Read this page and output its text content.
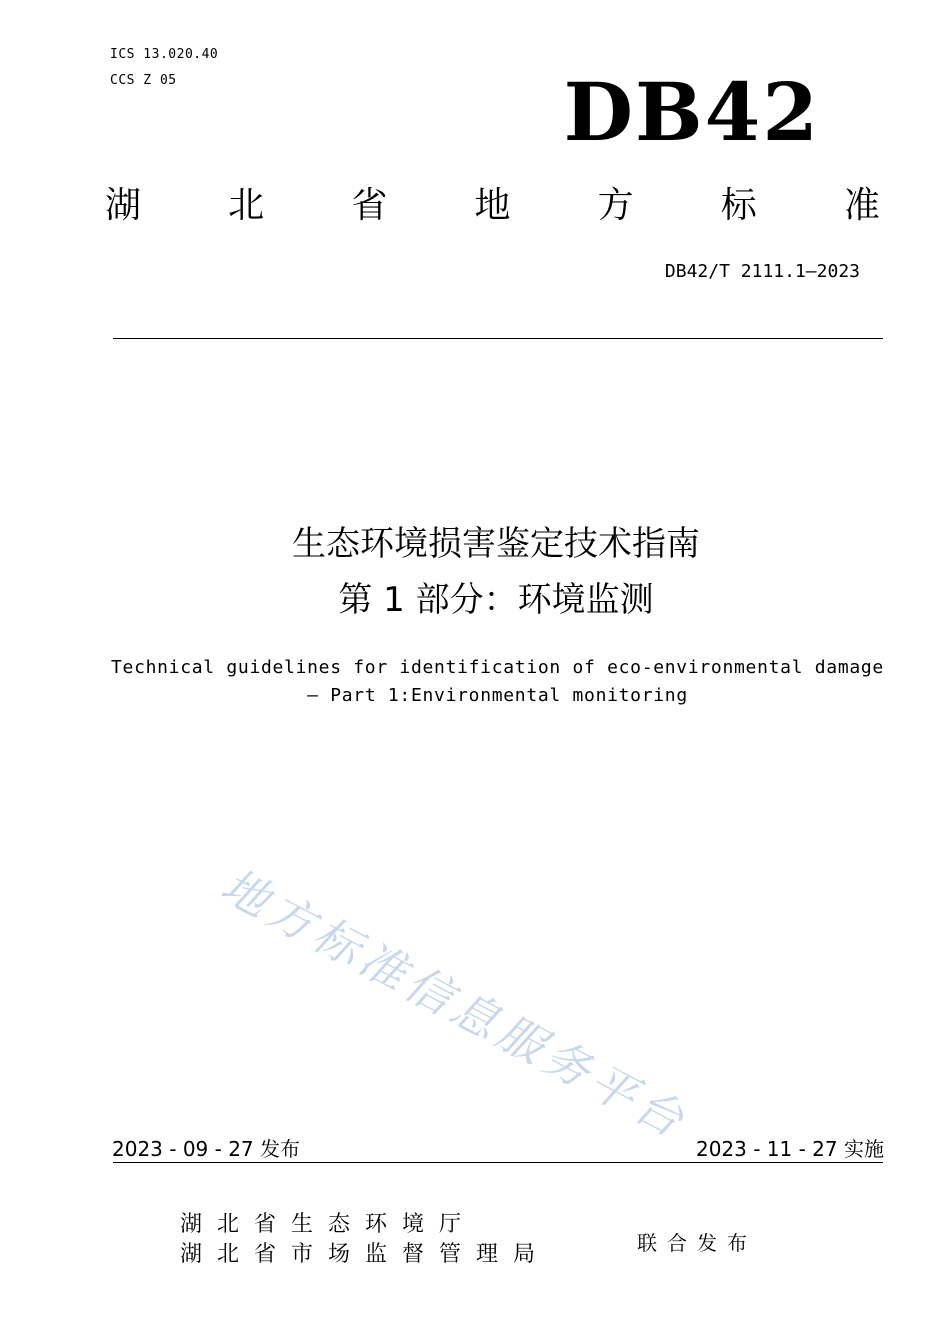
ICS 13.020.40
CCS Z 05	DB42
湖 北 省 地 方 标 准
DB42/T 2111.1—2023
生态环境损害鉴定技术指南
第 1 部分：环境监测
Technical guidelines for identification of eco-environmental damage
— Part 1:Environmental monitoring
地方标准信息服务平台
2023 - 09 - 27 发布	2023 - 11 - 27 实施
湖北省生态环境厅
湖北省市场监督管理局	联合发布
